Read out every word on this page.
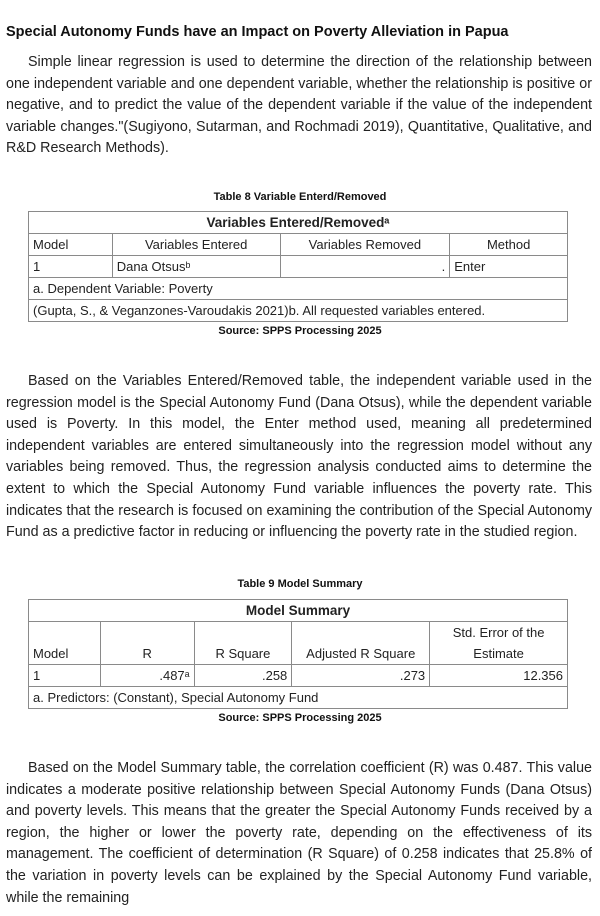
Special Autonomy Funds have an Impact on Poverty Alleviation in Papua

Simple linear regression is used to determine the direction of the relationship between one independent variable and one dependent variable, whether the relationship is positive or negative, and to predict the value of the dependent variable if the value of the independent variable changes."(Sugiyono, Sutarman, and Rochmadi 2019), Quantitative, Qualitative, and R&D Research Methods).

Table 8 Variable Enterd/Removed
Variables Entered/Removedᵃ				
Model	Variables Entered	Variables Removed		Method
1	Dana Otsusᵇ		.	Enter
a. Dependent Variable: Poverty				
(Gupta, S., & Veganzones-Varoudakis 2021)b. All requested variables entered.				
Source: SPPS Processing 2025

Based on the Variables Entered/Removed table, the independent variable used in the regression model is the Special Autonomy Fund (Dana Otsus), while the dependent variable used is Poverty. In this model, the Enter method used, meaning all predetermined independent variables are entered simultaneously into the regression model without any variables being removed. Thus, the regression analysis conducted aims to determine the extent to which the Special Autonomy Fund variable influences the poverty rate. This indicates that the research is focused on examining the contribution of the Special Autonomy Fund as a predictive factor in reducing or influencing the poverty rate in the studied region.

Table 9 Model Summary
Model Summary				
				Std. Error of the
Model	R	R Square	Adjusted R Square	Estimate
1	.487ᵃ	.258	.273	12.356
a. Predictors: (Constant), Special Autonomy Fund				
Source: SPPS Processing 2025

Based on the Model Summary table, the correlation coefficient (R) was 0.487. This value indicates a moderate positive relationship between Special Autonomy Funds (Dana Otsus) and poverty levels. This means that the greater the Special Autonomy Funds received by a region, the higher or lower the poverty rate, depending on the effectiveness of its management. The coefficient of determination (R Square) of 0.258 indicates that 25.8% of the variation in poverty levels can be explained by the Special Autonomy Fund variable, while the remaining
